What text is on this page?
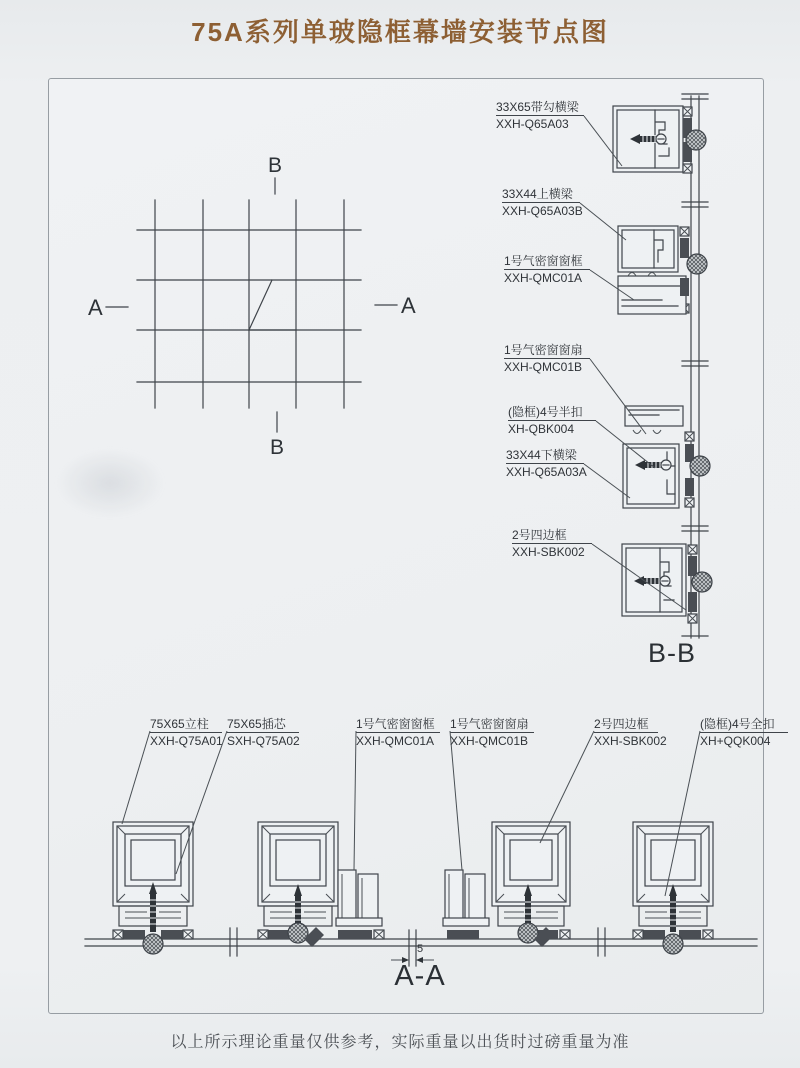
75A系列单玻隐框幕墙安装节点图
B
B
A	A
33X65带勾横梁
XXH-Q65A03
33X44上横梁
XXH-Q65A03B
1号气密窗窗框
XXH-QMC01A
1号气密窗窗扇
XXH-QMC01B
(隐框)4号半扣
XH-QBK004
33X44下横梁
XXH-Q65A03A
2号四边框
XXH-SBK002
B-B
75X65立柱
XXH-Q75A01
75X65插芯
SXH-Q75A02
1号气密窗窗框
XXH-QMC01A
1号气密窗窗扇
XXH-QMC01B
2号四边框
XXH-SBK002
(隐框)4号全扣
XH+QQK004
5
A-A
以上所示理论重量仅供参考，实际重量以出货时过磅重量为准
